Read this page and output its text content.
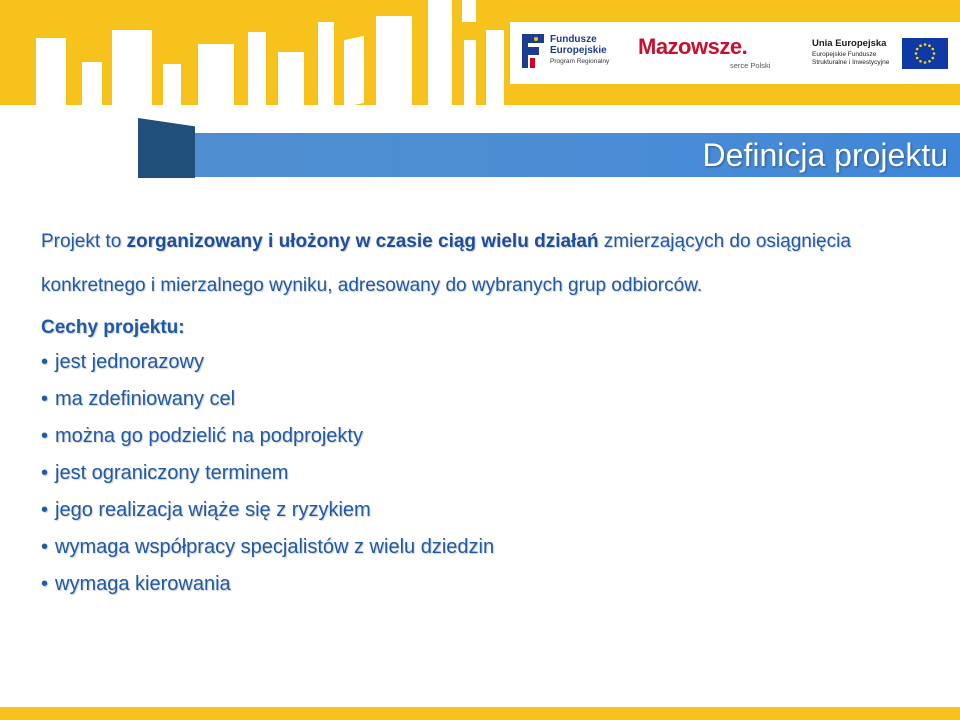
Fundusze
Europejskie
Program Regionalny
Mazowsze.
serce Polski
Unia Europejska
Europejskie Fundusze
Strukturalne i Inwestycyjne
Definicja projektu

Projekt to zorganizowany i ułożony w czasie ciąg wielu działań zmierzających do osiągnięcia konkretnego i mierzalnego wyniku, adresowany do wybranych grup odbiorców.

Cechy projektu:
• jest jednorazowy
• ma zdefiniowany cel
• można go podzielić na podprojekty
• jest ograniczony terminem
• jego realizacja wiąże się z ryzykiem
• wymaga współpracy specjalistów z wielu dziedzin
• wymaga kierowania
